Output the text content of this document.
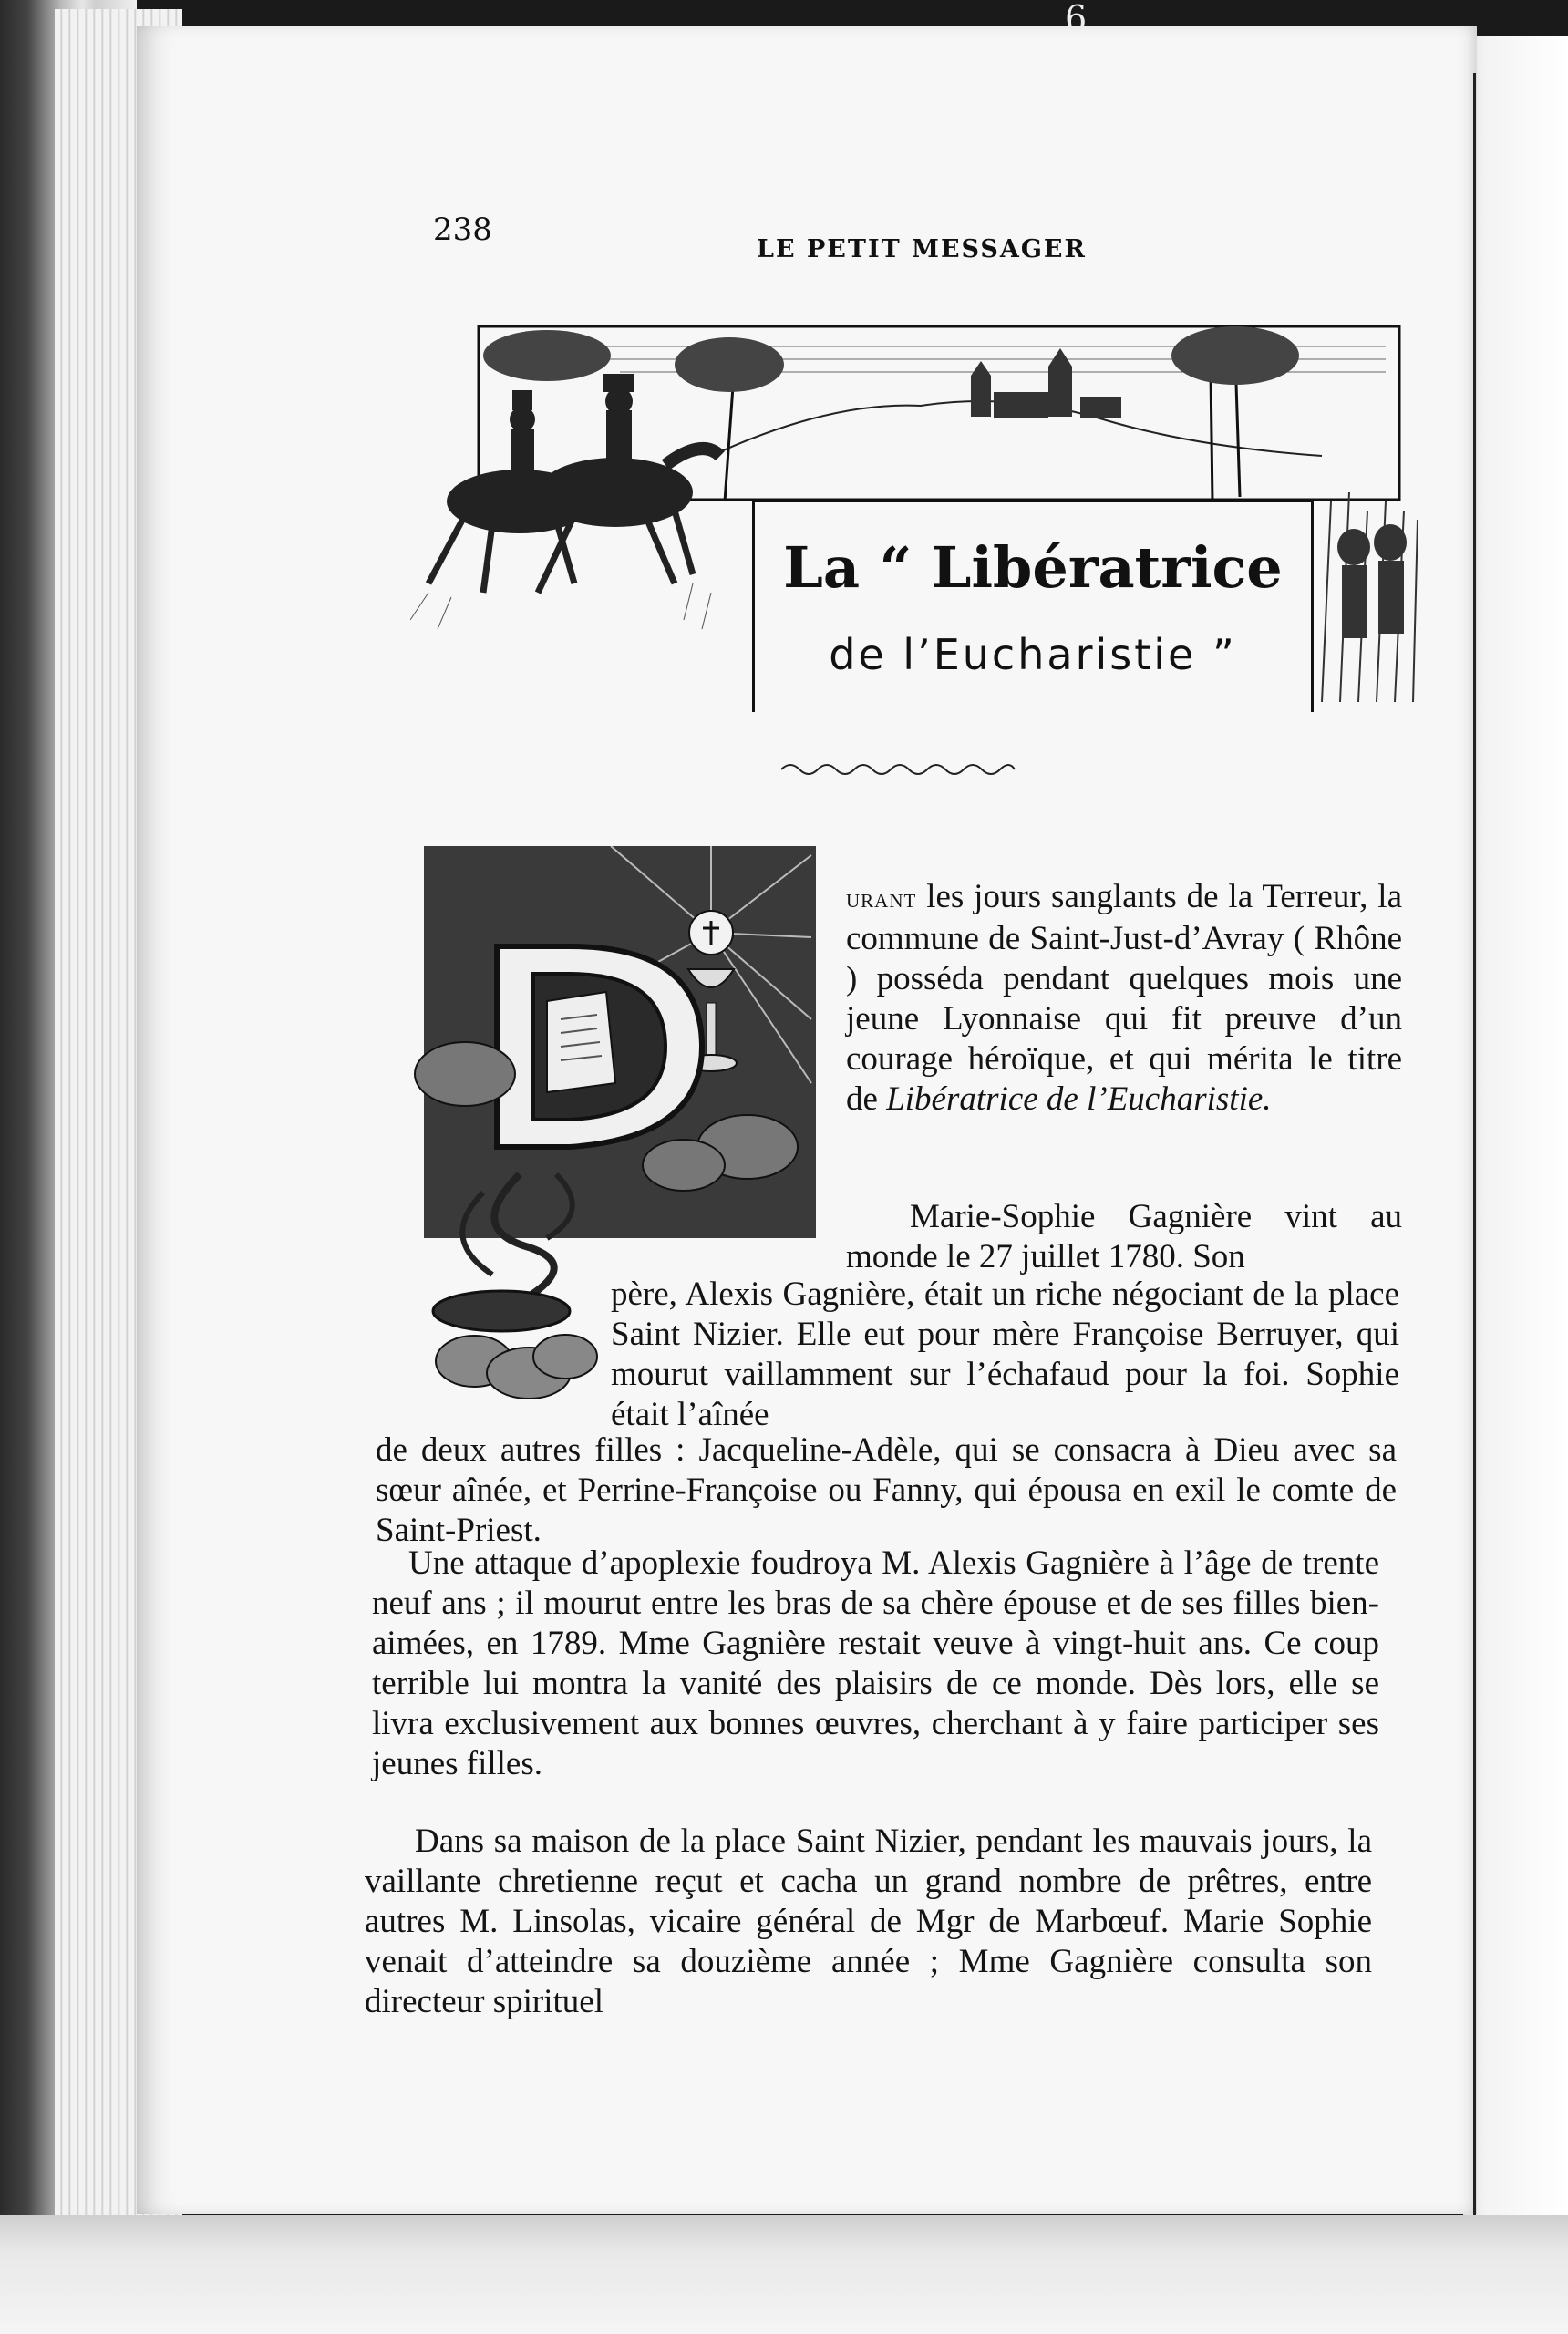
6
238
LE PETIT MESSAGER
La “ Libératrice
de l’Eucharistie ”

urant les jours sanglants de la Terreur, la commune de Saint-Just-d’Avray ( Rhône ) posséda pendant quelques mois une jeune Lyonnaise qui fit preuve d’un courage héroïque, et qui mérita le titre de Libératrice de l’Eucharistie.

Marie-Sophie Gagnière vint au monde le 27 juillet 1780. Son

père, Alexis Gagnière, était un riche négociant de la place Saint Nizier. Elle eut pour mère Françoise Berruyer, qui mourut vaillamment sur l’échafaud pour la foi. Sophie était l’aînée

de deux autres filles : Jacqueline-Adèle, qui se consacra à Dieu avec sa sœur aînée, et Perrine-Françoise ou Fanny, qui épousa en exil le comte de Saint-Priest.

Une attaque d’apoplexie foudroya M. Alexis Gagnière à l’âge de trente neuf ans ; il mourut entre les bras de sa chère épouse et de ses filles bien-aimées, en 1789. Mme Gagnière restait veuve à vingt-huit ans. Ce coup terrible lui montra la vanité des plaisirs de ce monde. Dès lors, elle se livra exclusivement aux bonnes œuvres, cherchant à y faire participer ses jeunes filles.

Dans sa maison de la place Saint Nizier, pendant les mauvais jours, la vaillante chretienne reçut et cacha un grand nombre de prêtres, entre autres M. Linsolas, vicaire général de Mgr de Marbœuf. Marie Sophie venait d’atteindre sa douzième année ; Mme Gagnière consulta son directeur spirituel
